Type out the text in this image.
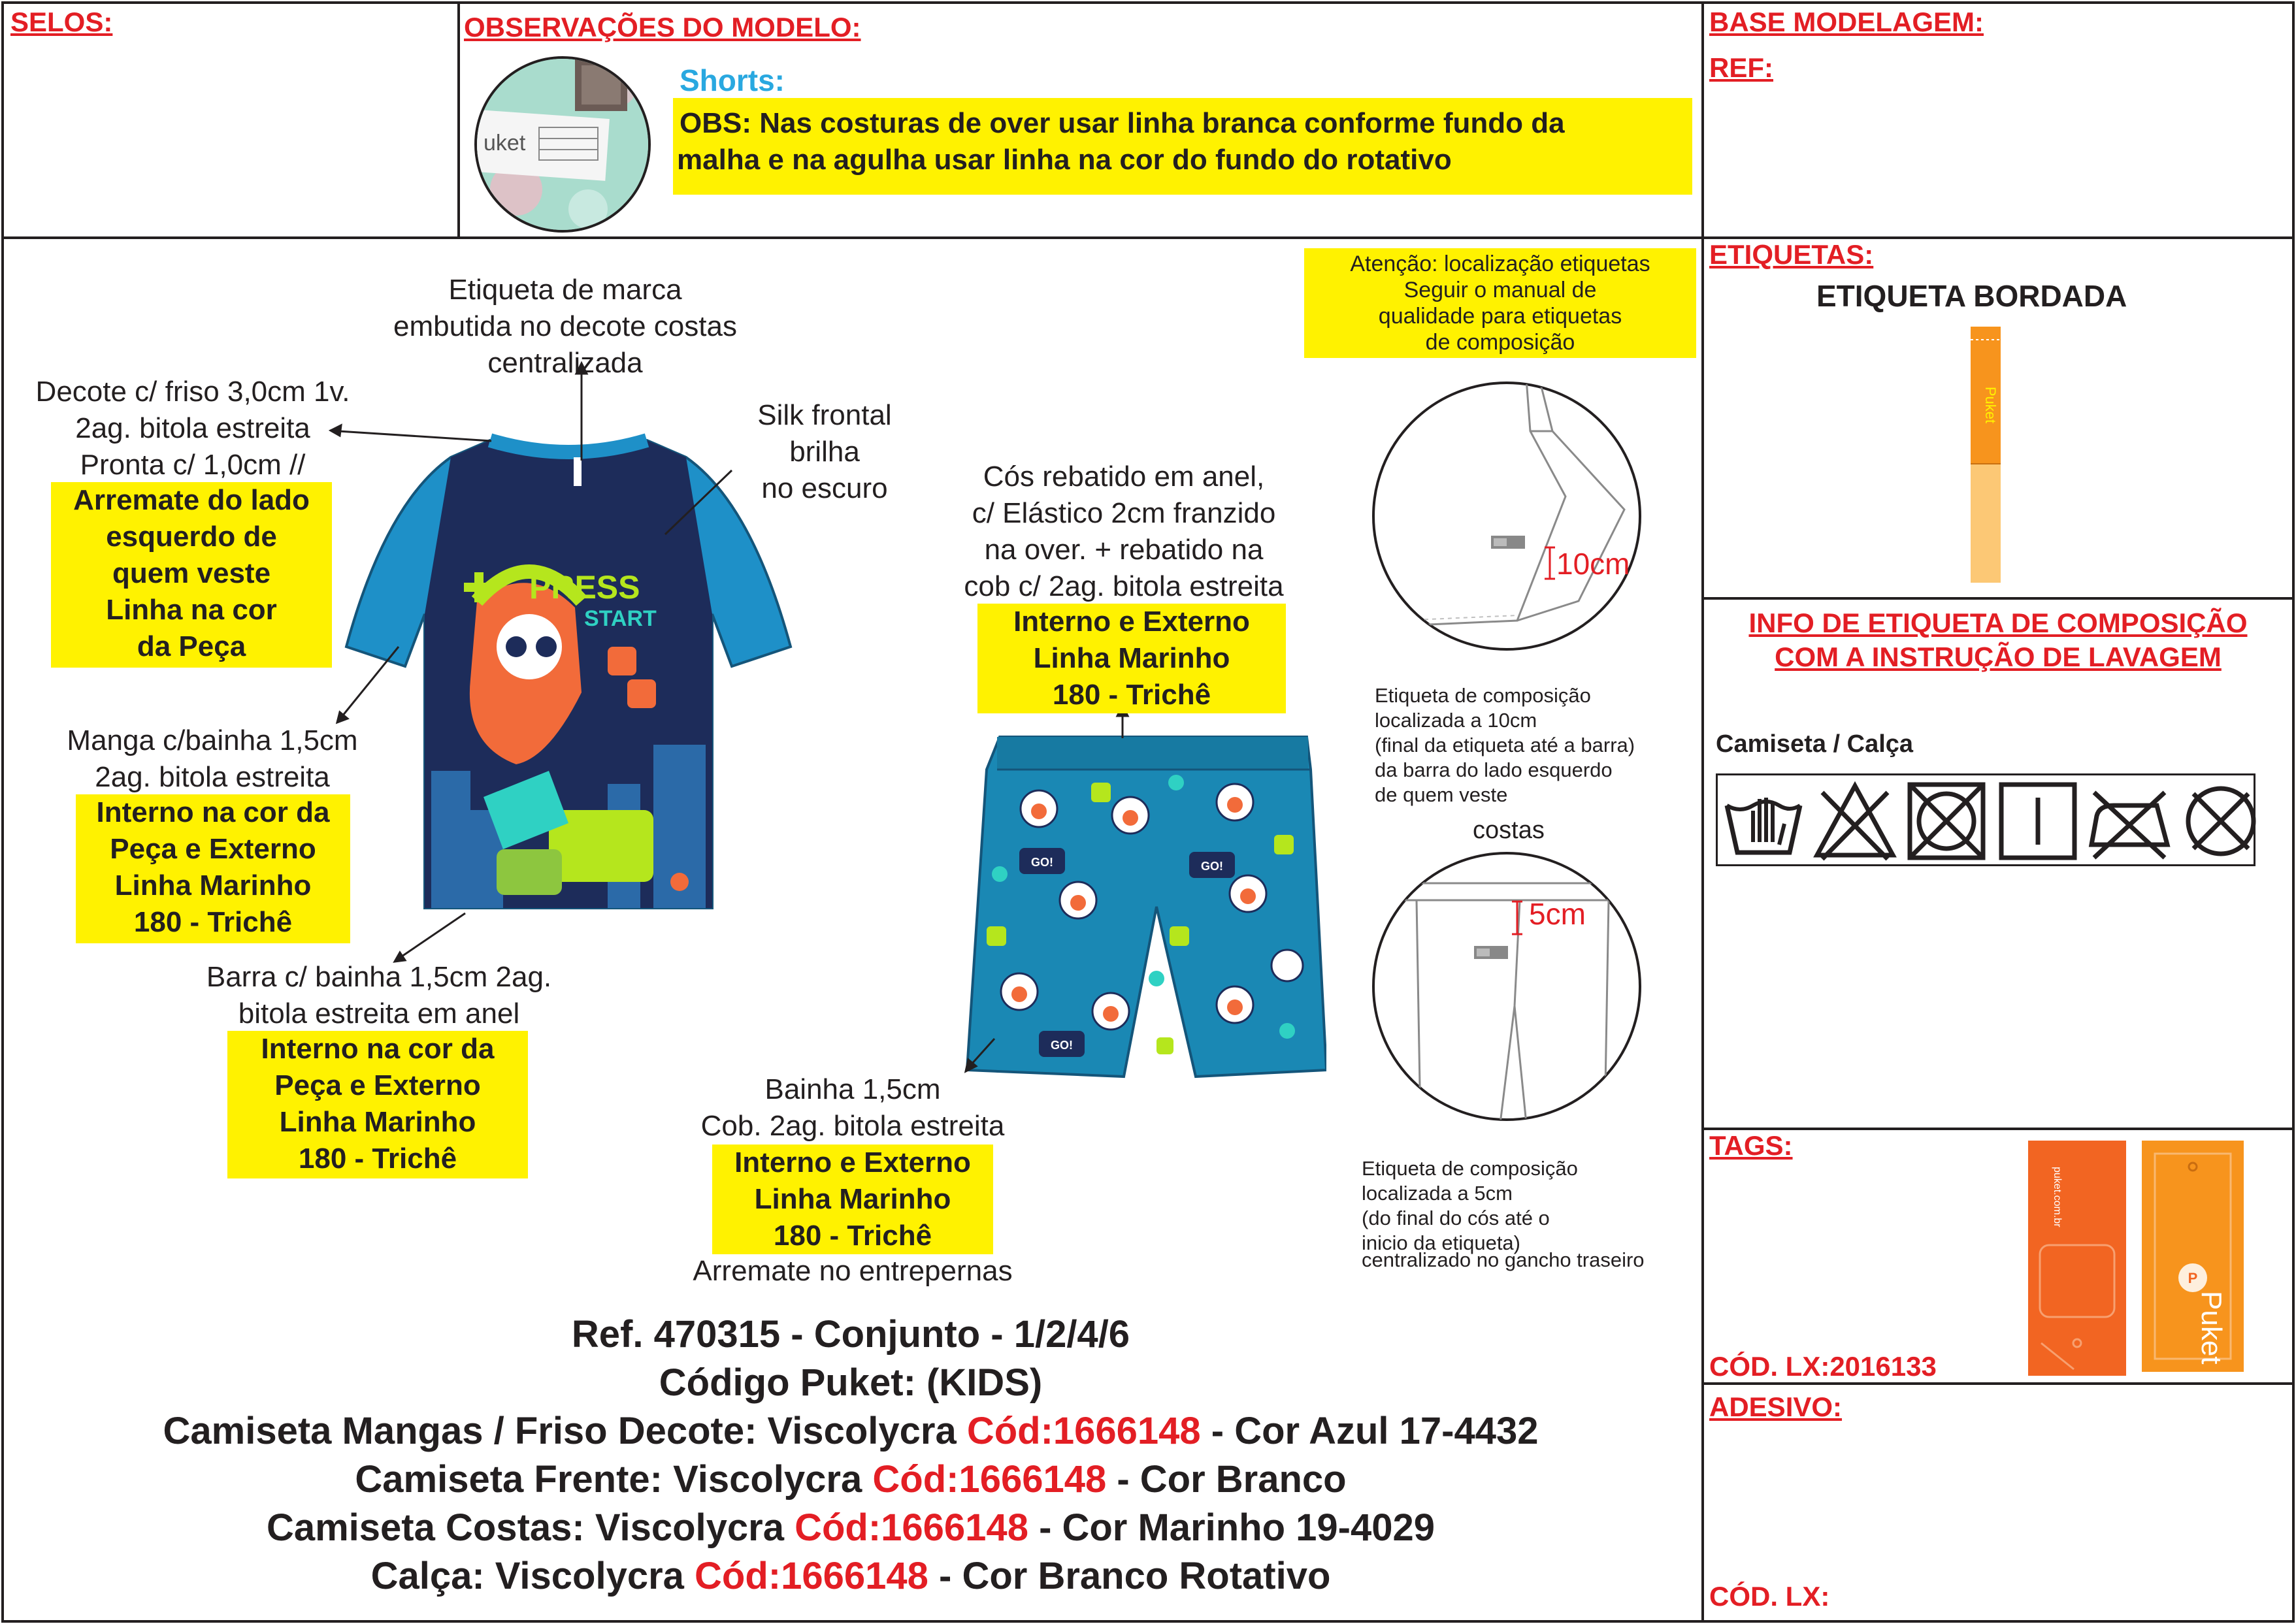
SELOS:	OBSERVAÇÕES DO MODELO:
uket
Shorts:
OBS: Nas costuras de over usar linha branca conforme fundo da
malha e na agulha usar linha na cor do fundo do rotativo
BASE MODELAGEM:
REF:
ETIQUETAS:
ETIQUETA BORDADA
Puket
INFO DE ETIQUETA DE COMPOSIÇÃO
COM A INSTRUÇÃO DE LAVAGEM
Camiseta / Calça
TAGS:
CÓD. LX:2016133
puket.com.br
P
Puket
ADESIVO:
CÓD. LX:
Atenção: localização etiquetas
Seguir o manual de
qualidade para etiquetas
de composição
10cm
Etiqueta de composição
localizada a 10cm
(final da etiqueta até a barra)
da barra do lado esquerdo
de quem veste
costas
5cm
Etiqueta de composição
localizada a 5cm
(do final do cós até o
inicio da etiqueta)
centralizado no gancho traseiro
PRESS
START
Etiqueta de marca
embutida no decote costas
centralizada
Decote c/ friso 3,0cm 1v.
2ag. bitola estreita
Pronta c/ 1,0cm //
Arremate do lado
esquerdo de
quem veste
Linha na cor
da Peça
Silk frontal
brilha
no escuro
Manga c/bainha 1,5cm
2ag. bitola estreita
Interno na cor da
Peça e Externo
Linha Marinho
180 - Trichê
Barra c/ bainha 1,5cm 2ag.
bitola estreita em anel
Interno na cor da
Peça e Externo
Linha Marinho
180 - Trichê
GO!	GO!
GO!
Cós rebatido em anel,
c/ Elástico 2cm franzido
na over. + rebatido na
cob c/ 2ag. bitola estreita
Interno e Externo
Linha Marinho
180 - Trichê
Bainha 1,5cm
Cob. 2ag. bitola estreita
Interno e Externo
Linha Marinho
180 - Trichê
Arremate no entrepernas
Ref. 470315 - Conjunto - 1/2/4/6
Código Puket: (KIDS)
Camiseta Mangas / Friso Decote: Viscolycra Cód:1666148 - Cor Azul 17-4432
Camiseta Frente: Viscolycra Cód:1666148 - Cor Branco
Camiseta Costas: Viscolycra Cód:1666148 - Cor Marinho 19-4029
Calça: Viscolycra Cód:1666148 - Cor Branco Rotativo
